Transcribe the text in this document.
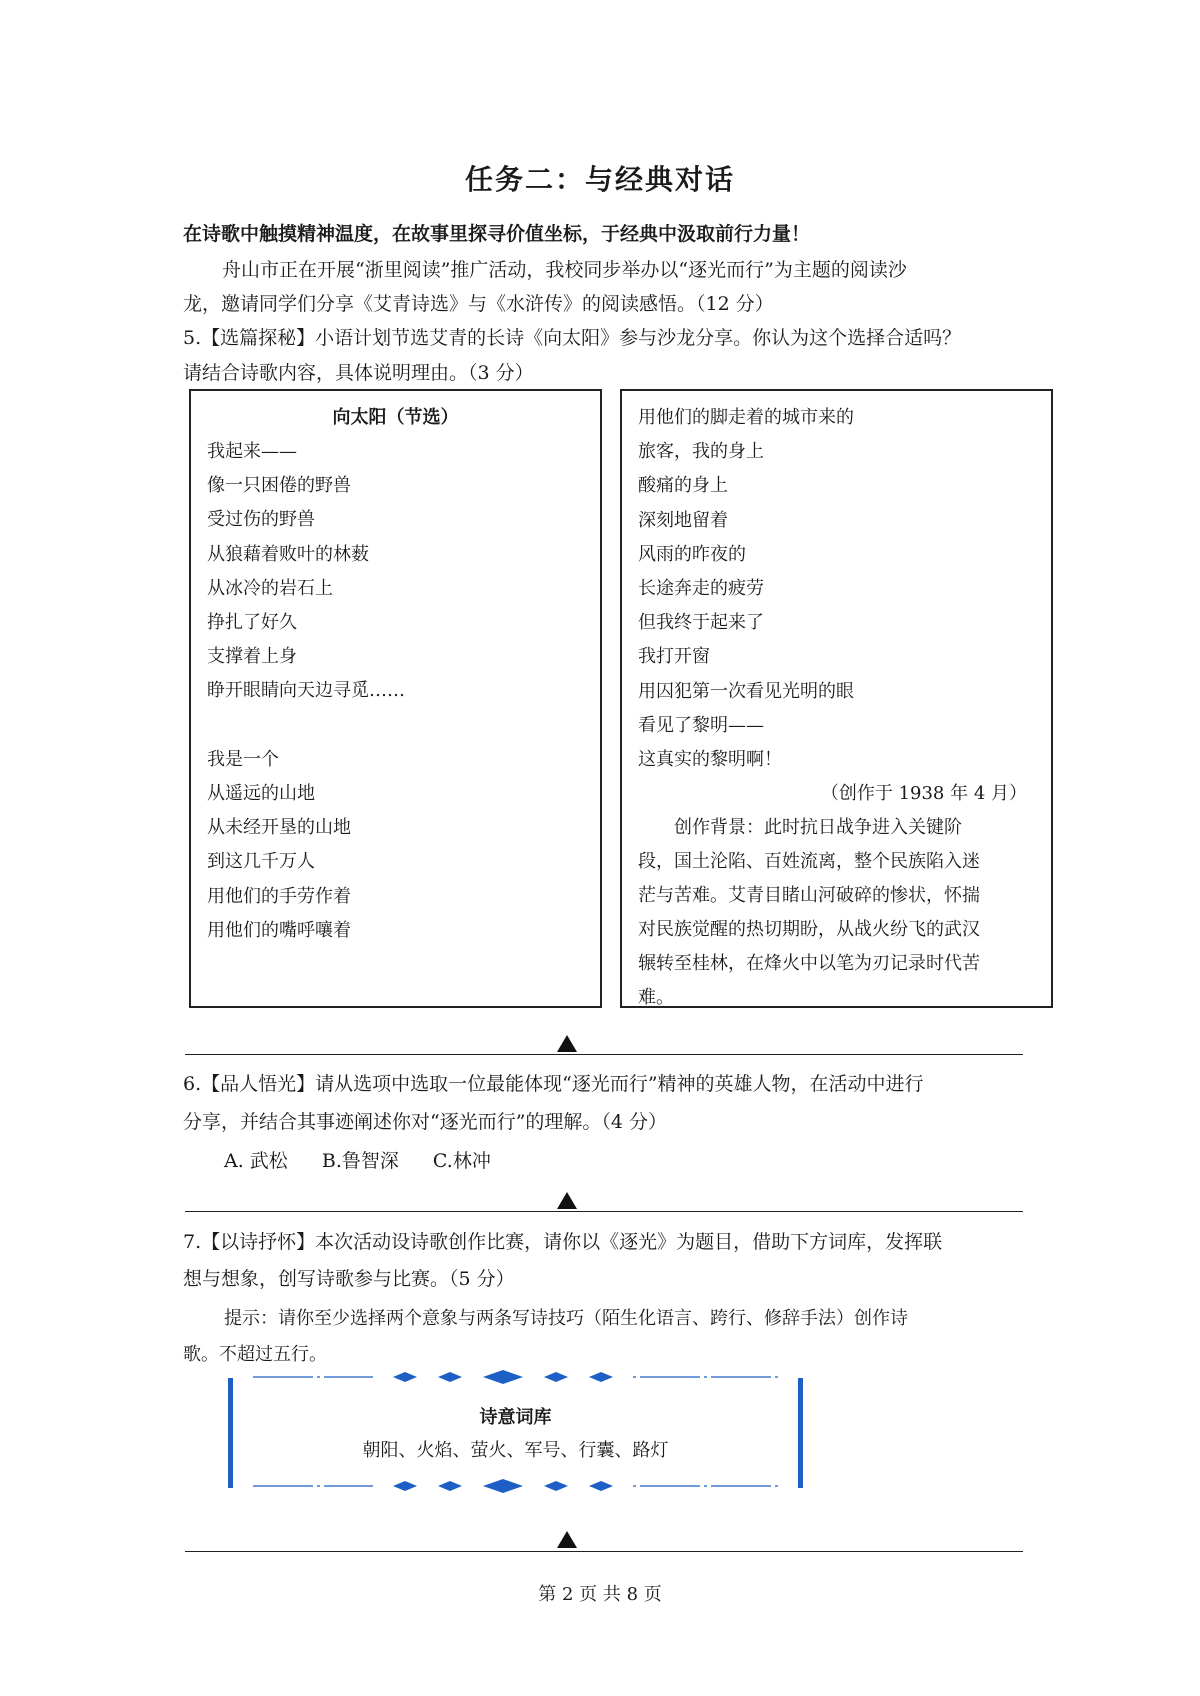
任务二：与经典对话
在诗歌中触摸精神温度，在故事里探寻价值坐标，于经典中汲取前行力量！
舟山市正在开展“浙里阅读”推广活动，我校同步举办以“逐光而行”为主题的阅读沙
龙，邀请同学们分享《艾青诗选》与《水浒传》的阅读感悟。（12 分）
5.【选篇探秘】小语计划节选艾青的长诗《向太阳》参与沙龙分享。你认为这个选择合适吗？
请结合诗歌内容，具体说明理由。（3 分）
向太阳（节选）
我起来——
像一只困倦的野兽
受过伤的野兽
从狼藉着败叶的林薮
从冰冷的岩石上
挣扎了好久
支撑着上身
睁开眼睛向天边寻觅……

我是一个
从遥远的山地
从未经开垦的山地
到这几千万人
用他们的手劳作着
用他们的嘴呼嚷着
用他们的脚走着的城市来的
旅客，我的身上
酸痛的身上
深刻地留着
风雨的昨夜的
长途奔走的疲劳
但我终于起来了
我打开窗
用囚犯第一次看见光明的眼
看见了黎明——
这真实的黎明啊！
（创作于 1938 年 4 月）
　　创作背景：此时抗日战争进入关键阶
段，国土沦陷、百姓流离，整个民族陷入迷
茫与苦难。艾青目睹山河破碎的惨状，怀揣
对民族觉醒的热切期盼，从战火纷飞的武汉
辗转至桂林，在烽火中以笔为刃记录时代苦
难。
6.【品人悟光】请从选项中选取一位最能体现“逐光而行”精神的英雄人物，在活动中进行
分享，并结合其事迹阐述你对“逐光而行”的理解。（4 分）
A. 武松 B.鲁智深 C.林冲
7.【以诗抒怀】本次活动设诗歌创作比赛，请你以《逐光》为题目，借助下方词库，发挥联
想与想象，创写诗歌参与比赛。（5 分）
提示：请你至少选择两个意象与两条写诗技巧（陌生化语言、跨行、修辞手法）创作诗
歌。不超过五行。
诗意词库
朝阳、火焰、萤火、军号、行囊、路灯
第 2 页 共 8 页
